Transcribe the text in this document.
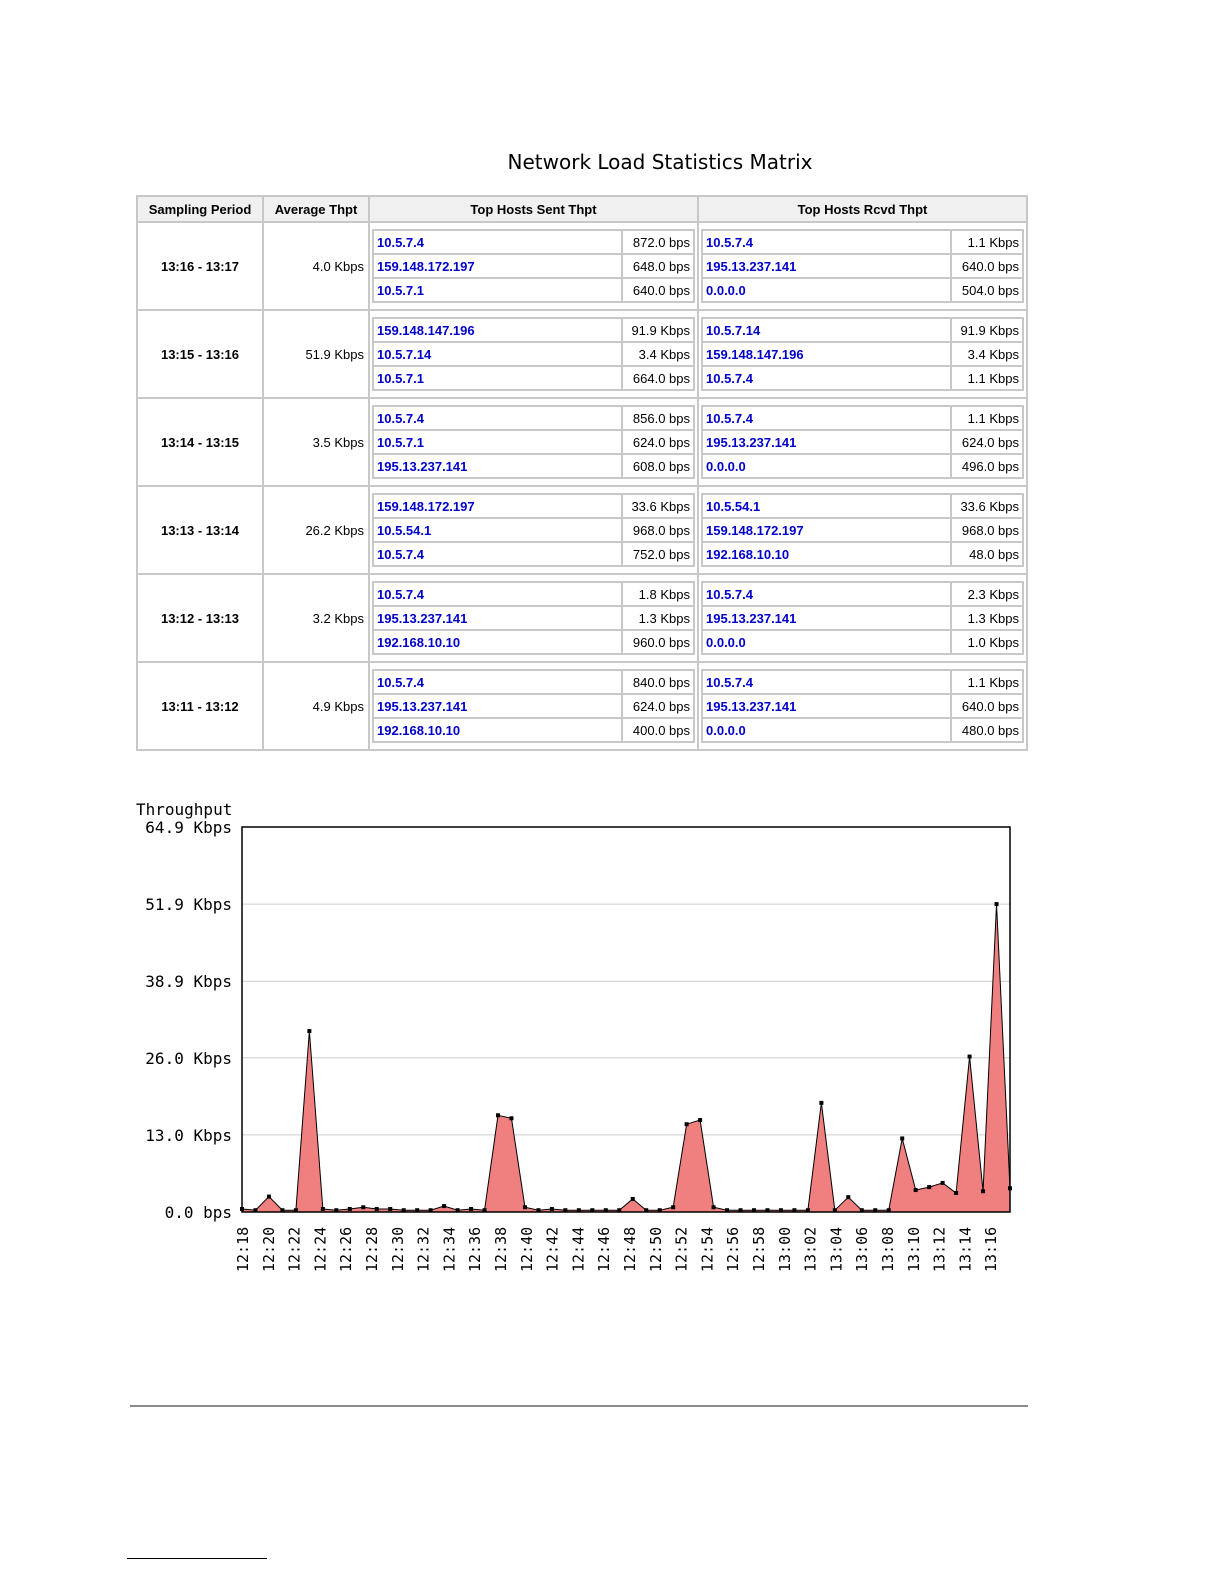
Network Load Statistics Matrix
Sampling Period	Average Thpt	Top Hosts Sent Thpt	Top Hosts Rcvd Thpt
13:16 - 13:17	4.0 Kbps	
10.5.7.4	872.0 bps
159.148.172.197	648.0 bps
10.5.7.1	640.0 bps

10.5.7.4	1.1 Kbps
195.13.237.141	640.0 bps
0.0.0.0	504.0 bps

13:15 - 13:16	51.9 Kbps	
159.148.147.196	91.9 Kbps
10.5.7.14	3.4 Kbps
10.5.7.1	664.0 bps

10.5.7.14	91.9 Kbps
159.148.147.196	3.4 Kbps
10.5.7.4	1.1 Kbps

13:14 - 13:15	3.5 Kbps	
10.5.7.4	856.0 bps
10.5.7.1	624.0 bps
195.13.237.141	608.0 bps

10.5.7.4	1.1 Kbps
195.13.237.141	624.0 bps
0.0.0.0	496.0 bps

13:13 - 13:14	26.2 Kbps	
159.148.172.197	33.6 Kbps
10.5.54.1	968.0 bps
10.5.7.4	752.0 bps

10.5.54.1	33.6 Kbps
159.148.172.197	968.0 bps
192.168.10.10	48.0 bps

13:12 - 13:13	3.2 Kbps	
10.5.7.4	1.8 Kbps
195.13.237.141	1.3 Kbps
192.168.10.10	960.0 bps

10.5.7.4	2.3 Kbps
195.13.237.141	1.3 Kbps
0.0.0.0	1.0 Kbps

13:11 - 13:12	4.9 Kbps	
10.5.7.4	840.0 bps
195.13.237.141	624.0 bps
192.168.10.10	400.0 bps

10.5.7.4	1.1 Kbps
195.13.237.141	640.0 bps
0.0.0.0	480.0 bps
Throughput
0.0 bps
13.0 Kbps
26.0 Kbps
38.9 Kbps
51.9 Kbps
64.9 Kbps
12:18 12:20 12:22 12:24 12:26 12:28 12:30 12:32 12:34 12:36 12:38 12:40 12:42 12:44 12:46 12:48 12:50 12:52 12:54 12:56 12:58 13:00 13:02 13:04 13:06 13:08 13:10 13:12 13:14 13:16
